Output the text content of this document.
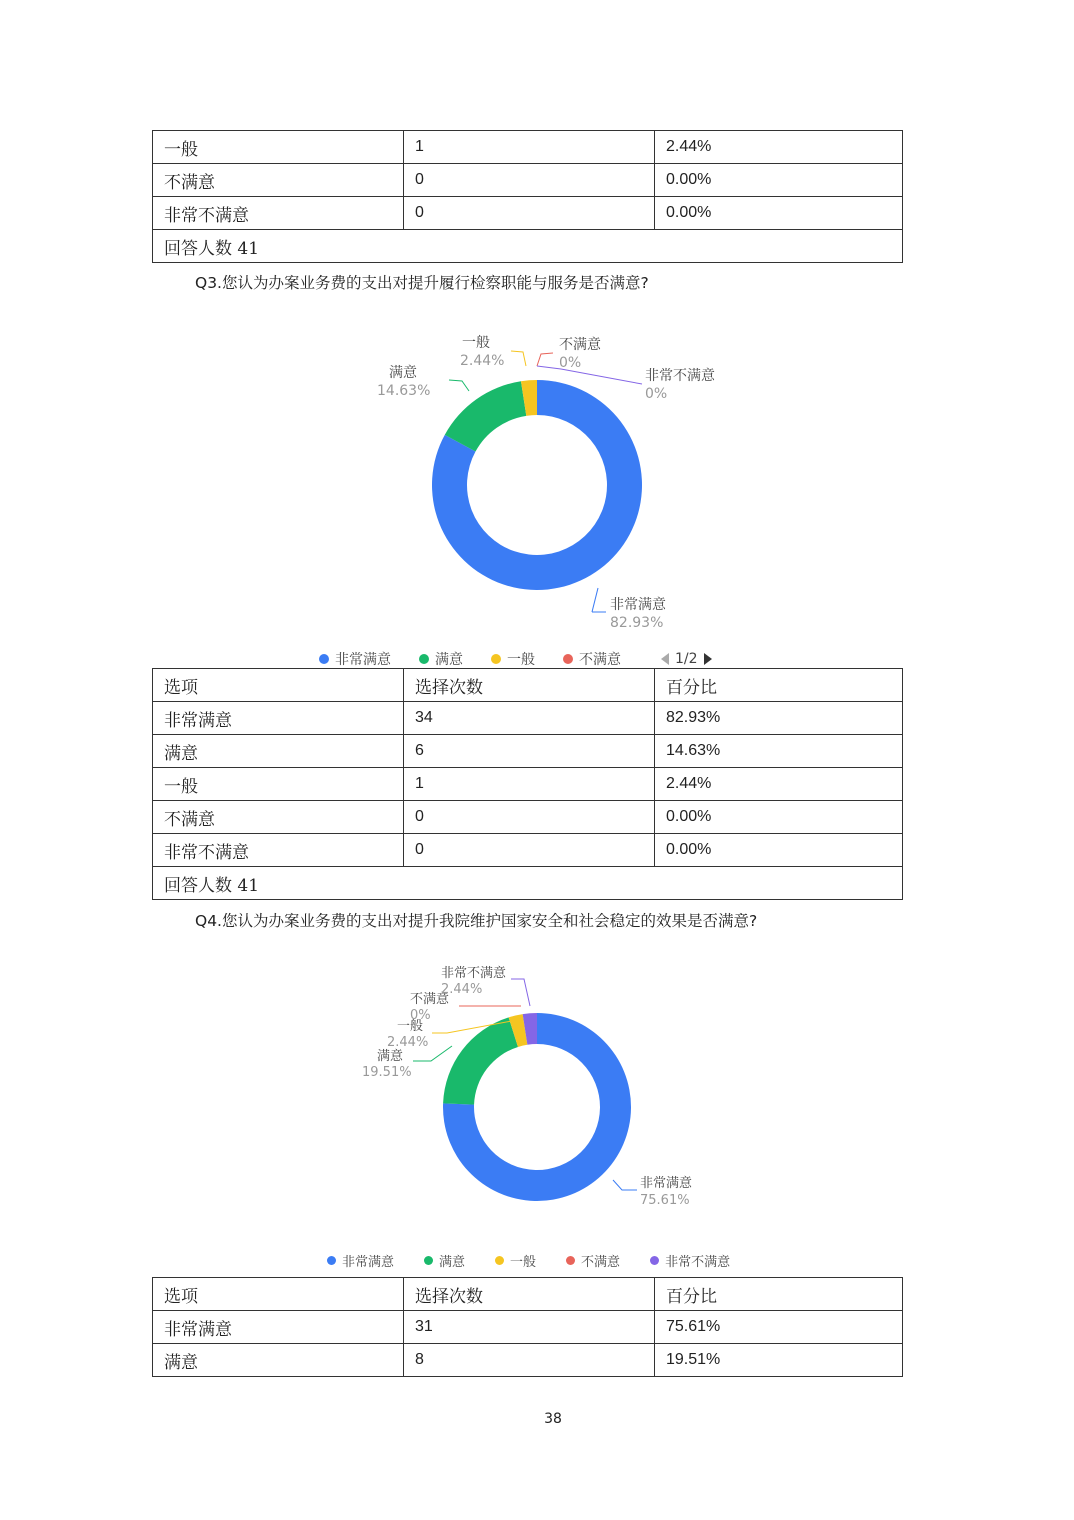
一般	1	2.44%
不满意	0	0.00%
非常不满意	0	0.00%
回答人数 41		
Q3.您认为办案业务费的支出对提升履行检察职能与服务是否满意?
非常满意
82.93%
满意
14.63%
一般
2.44%
不满意
0%
非常不满意
0%
非常满意	满意	一般	不满意	1/2
选项	选择次数	百分比
非常满意	34	82.93%
满意	6	14.63%
一般	1	2.44%
不满意	0	0.00%
非常不满意	0	0.00%
回答人数 41		
Q4.您认为办案业务费的支出对提升我院维护国家安全和社会稳定的效果是否满意?
非常满意
75.61%
满意
19.51%
一般
2.44%
不满意
0%
非常不满意
2.44%
非常满意	满意	一般	不满意	非常不满意
选项	选择次数	百分比
非常满意	31	75.61%
满意	8	19.51%
38
